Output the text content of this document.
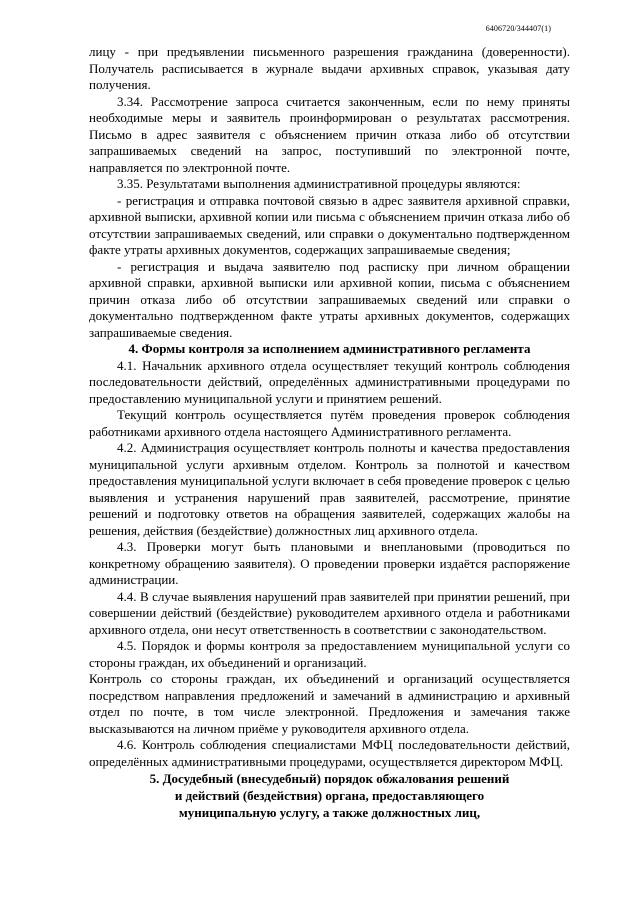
6406720/344407(1)

лицу - при предъявлении письменного разрешения гражданина (доверенности). Получатель расписывается в журнале выдачи архивных справок, указывая дату получения.

3.34. Рассмотрение запроса считается законченным, если по нему приняты необходимые меры и заявитель проинформирован о результатах рассмотрения. Письмо в адрес заявителя с объяснением причин отказа либо об отсутствии запрашиваемых сведений на запрос, поступивший по электронной почте, направляется по электронной почте.

3.35. Результатами выполнения административной процедуры являются:

- регистрация и отправка почтовой связью в адрес заявителя архивной справки, архивной выписки, архивной копии или письма с объяснением причин отказа либо об отсутствии запрашиваемых сведений, или справки о документально подтвержденном факте утраты архивных документов, содержащих запрашиваемые сведения;

- регистрация и выдача заявителю под расписку при личном обращении архивной справки, архивной выписки или архивной копии, письма с объяснением причин отказа либо об отсутствии запрашиваемых сведений или справки о документально подтвержденном факте утраты архивных документов, содержащих запрашиваемые сведения.

4. Формы контроля за исполнением административного регламента

4.1. Начальник архивного отдела осуществляет текущий контроль соблюдения последовательности действий, определённых административными процедурами по предоставлению муниципальной услуги и принятием решений.

Текущий контроль осуществляется путём проведения проверок соблюдения работниками архивного отдела настоящего Административного регламента.

4.2. Администрация осуществляет контроль полноты и качества предоставления муниципальной услуги архивным отделом. Контроль за полнотой и качеством предоставления муниципальной услуги включает в себя проведение проверок с целью выявления и устранения нарушений прав заявителей, рассмотрение, принятие решений и подготовку ответов на обращения заявителей, содержащих жалобы на решения, действия (бездействие) должностных лиц архивного отдела.

4.3. Проверки могут быть плановыми и внеплановыми (проводиться по конкретному обращению заявителя). О проведении проверки издаётся распоряжение администрации.

4.4. В случае выявления нарушений прав заявителей при принятии решений, при совершении действий (бездействие) руководителем архивного отдела и работниками архивного отдела, они несут ответственность в соответствии с законодательством.

4.5. Порядок и формы контроля за предоставлением муниципальной услуги со стороны граждан, их объединений и организаций.

Контроль со стороны граждан, их объединений и организаций осуществляется посредством направления предложений и замечаний в администрацию и архивный отдел по почте, в том числе электронной. Предложения и замечания также высказываются на личном приёме у руководителя архивного отдела.

4.6. Контроль соблюдения специалистами МФЦ последовательности действий, определённых административными процедурами, осуществляется директором МФЦ.

5. Досудебный (внесудебный) порядок обжалования решений
и действий (бездействия) органа, предоставляющего
муниципальную услугу, а также должностных лиц,
